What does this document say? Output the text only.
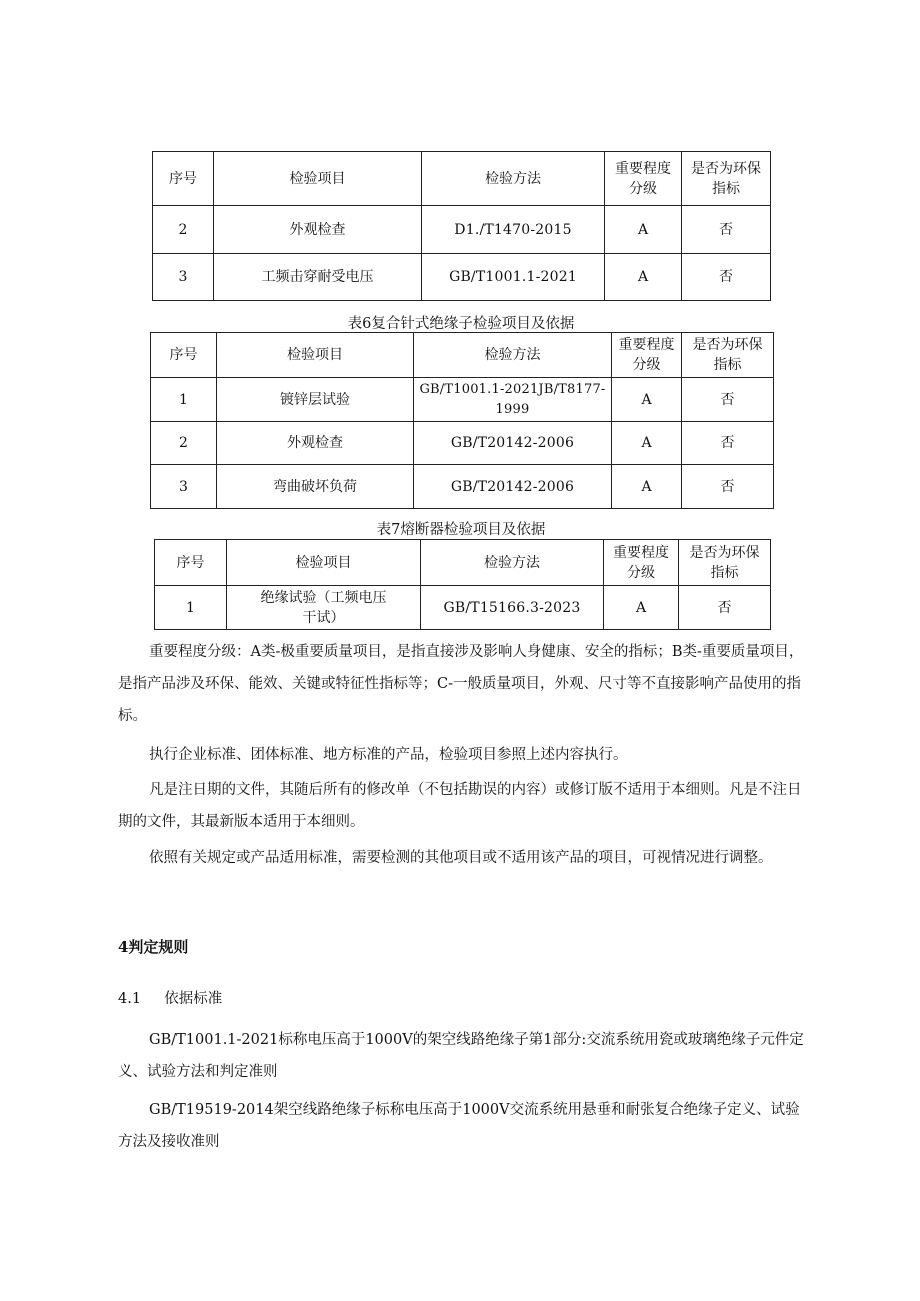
序号	检验项目	检验方法	重要程度分级	是否为环保指标
2	外观检查	D1./T1470-2015	A	否
3	工频击穿耐受电压	GB/T1001.1-2021	A	否
表6复合针式绝缘子检验项目及依据
序号	检验项目	检验方法	重要程度分级	是否为环保指标
1	镀锌层试验	GB/T1001.1-2021JB/T8177-1999	A	否
2	外观检查	GB/T20142-2006	A	否
3	弯曲破坏负荷	GB/T20142-2006	A	否
表7熔断器检验项目及依据
序号	检验项目	检验方法	重要程度分级	是否为环保指标
1	绝缘试验（工频电压干试）	GB/T15166.3-2023	A	否
重要程度分级：A类-极重要质量项目，是指直接涉及影响人身健康、安全的指标；B类-重要质量项目，是指产品涉及环保、能效、关键或特征性指标等；C-一般质量项目，外观、尺寸等不直接影响产品使用的指标。
执行企业标准、团体标准、地方标准的产品，检验项目参照上述内容执行。
凡是注日期的文件，其随后所有的修改单（不包括勘误的内容）或修订版不适用于本细则。凡是不注日期的文件，其最新版本适用于本细则。
依照有关规定或产品适用标准，需要检测的其他项目或不适用该产品的项目，可视情况进行调整。
4判定规则
4.1 依据标准
GB/T1001.1-2021标称电压高于1000V的架空线路绝缘子第1部分:交流系统用瓷或玻璃绝缘子元件定义、试验方法和判定准则
GB/T19519-2014架空线路绝缘子标称电压高于1000V交流系统用悬垂和耐张复合绝缘子定义、试验方法及接收准则
